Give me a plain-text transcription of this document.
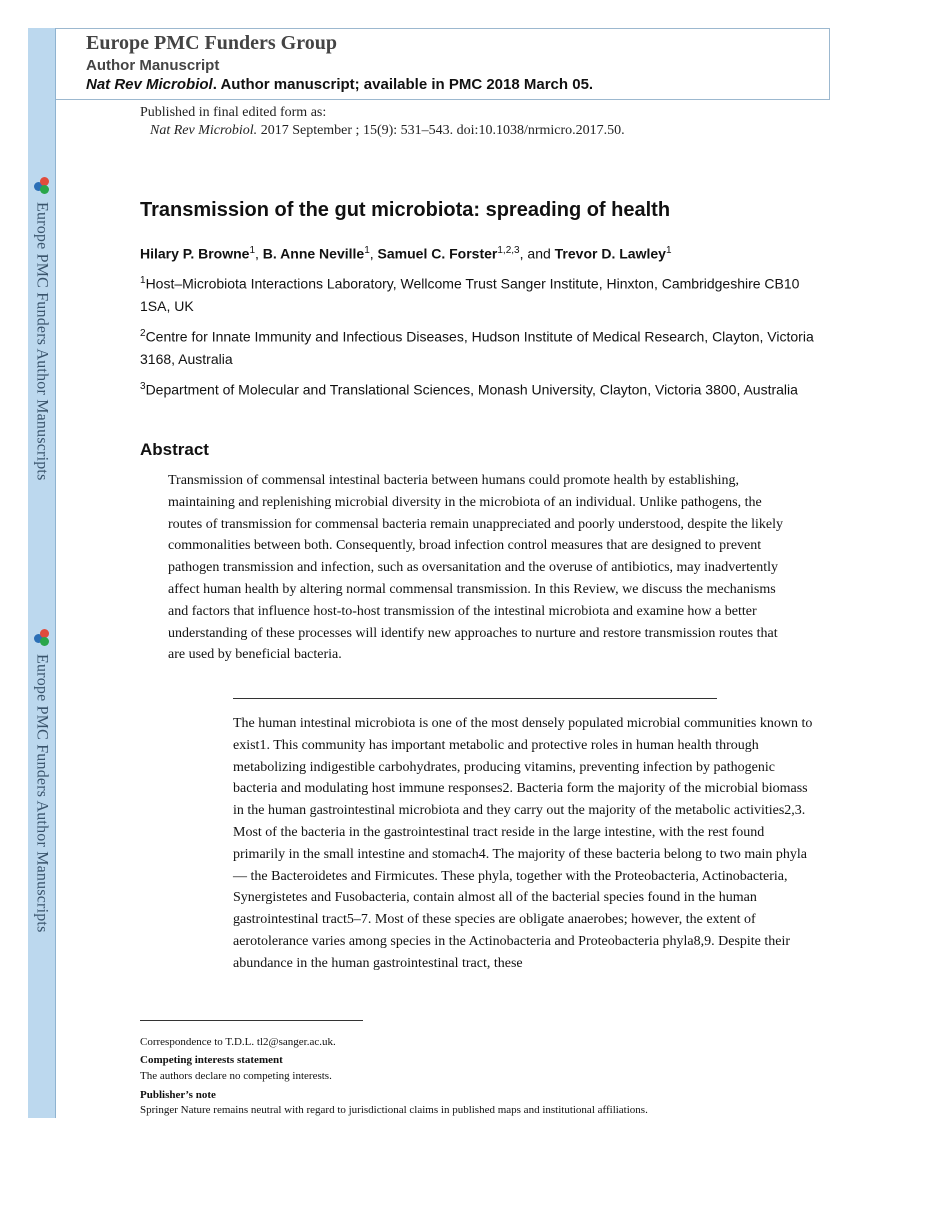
Europe PMC Funders Author Manuscripts
Europe PMC Funders Author Manuscripts
Europe PMC Funders Group
Author Manuscript
Nat Rev Microbiol. Author manuscript; available in PMC 2018 March 05.
Published in final edited form as:
Nat Rev Microbiol. 2017 September ; 15(9): 531–543. doi:10.1038/nrmicro.2017.50.
Transmission of the gut microbiota: spreading of health
Hilary P. Browne$^1$, B. Anne Neville$^1$, Samuel C. Forster$^{1,2,3}$, and Trevor D. Lawley$^1$
$^1$Host–Microbiota Interactions Laboratory, Wellcome Trust Sanger Institute, Hinxton, Cambridgeshire CB10 1SA, UK
$^2$Centre for Innate Immunity and Infectious Diseases, Hudson Institute of Medical Research, Clayton, Victoria 3168, Australia
$^3$Department of Molecular and Translational Sciences, Monash University, Clayton, Victoria 3800, Australia
Abstract
Transmission of commensal intestinal bacteria between humans could promote health by establishing, maintaining and replenishing microbial diversity in the microbiota of an individual. Unlike pathogens, the routes of transmission for commensal bacteria remain unappreciated and poorly understood, despite the likely commonalities between both. Consequently, broad infection control measures that are designed to prevent pathogen transmission and infection, such as oversanitation and the overuse of antibiotics, may inadvertently affect human health by altering normal commensal transmission. In this Review, we discuss the mechanisms and factors that influence host-to-host transmission of the intestinal microbiota and examine how a better understanding of these processes will identify new approaches to nurture and restore transmission routes that are used by beneficial bacteria.
The human intestinal microbiota is one of the most densely populated microbial communities known to exist1. This community has important metabolic and protective roles in human health through metabolizing indigestible carbohydrates, producing vitamins, preventing infection by pathogenic bacteria and modulating host immune responses2. Bacteria form the majority of the microbial biomass in the human gastrointestinal microbiota and they carry out the majority of the metabolic activities2,3. Most of the bacteria in the gastrointestinal tract reside in the large intestine, with the rest found primarily in the small intestine and stomach4. The majority of these bacteria belong to two main phyla — the Bacteroidetes and Firmicutes. These phyla, together with the Proteobacteria, Actinobacteria, Synergistetes and Fusobacteria, contain almost all of the bacterial species found in the human gastrointestinal tract5–7. Most of these species are obligate anaerobes; however, the extent of aerotolerance varies among species in the Actinobacteria and Proteobacteria phyla8,9. Despite their abundance in the human gastrointestinal tract, these
Correspondence to T.D.L. tl2@sanger.ac.uk.
Competing interests statement
The authors declare no competing interests.
Publisher’s note
Springer Nature remains neutral with regard to jurisdictional claims in published maps and institutional affiliations.
